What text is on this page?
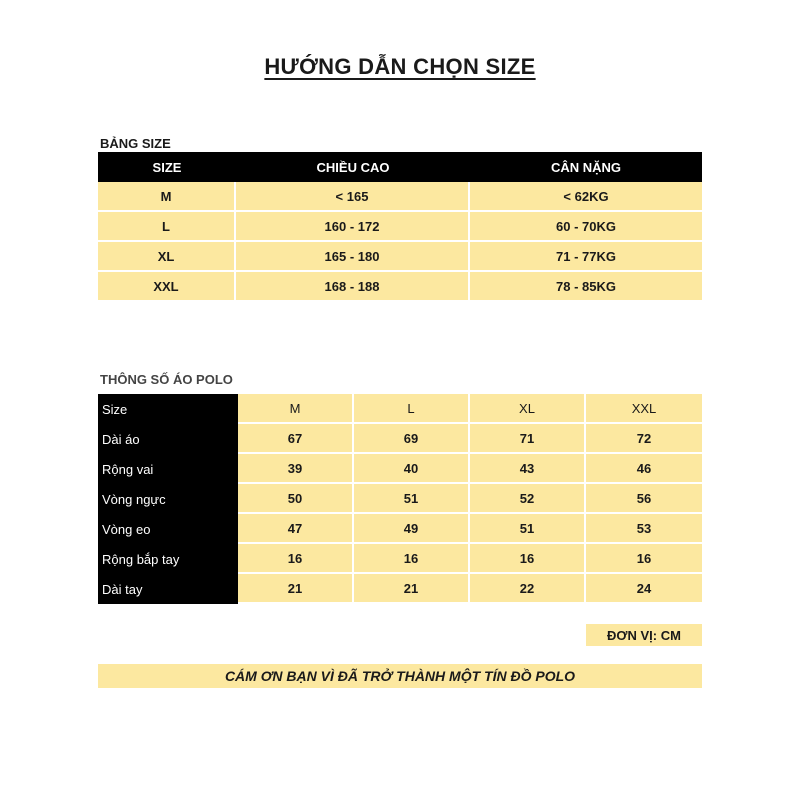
HƯỚNG DẪN CHỌN SIZE
BẢNG SIZE
SIZE	CHIỀU CAO	CÂN NẶNG
M	< 165	< 62KG
L	160 - 172	60 - 70KG
XL	165 - 180	71 - 77KG
XXL	168 - 188	78 - 85KG
THÔNG SỐ ÁO POLO
Size	M	L	XL	XXL
Dài áo	67	69	71	72
Rộng vai	39	40	43	46
Vòng ngực	50	51	52	56
Vòng eo	47	49	51	53
Rộng bắp tay	16	16	16	16
Dài tay	21	21	22	24
ĐƠN VỊ: CM
CÁM ƠN BẠN VÌ ĐÃ TRỞ THÀNH MỘT TÍN ĐỒ POLO
